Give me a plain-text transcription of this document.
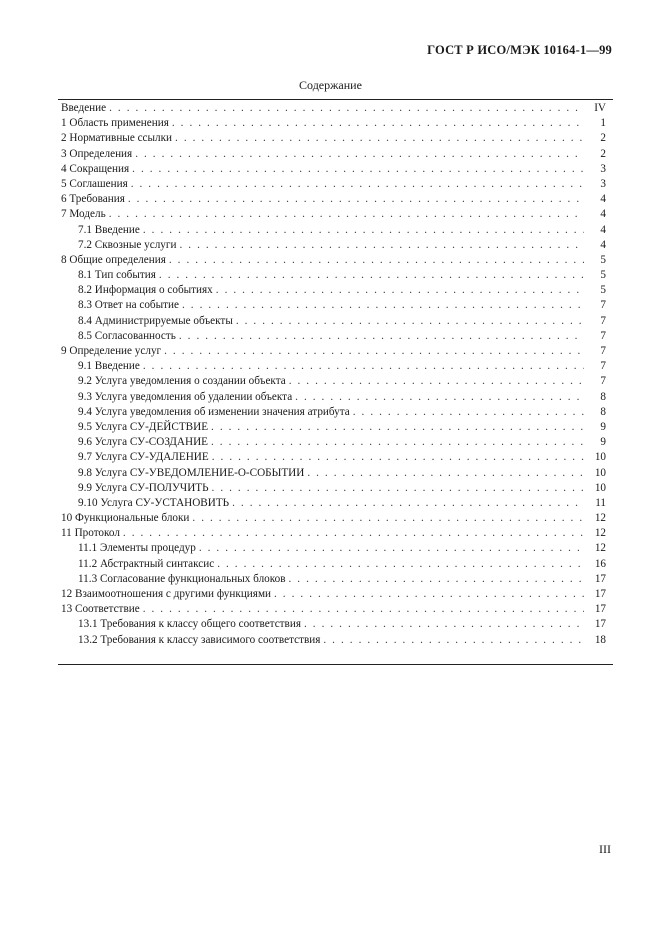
ГОСТ Р ИСО/МЭК 10164-1—99
Содержание
Введение . . .	IV
1 Область применения . . .	1
2 Нормативные ссылки . . .	2
3 Определения . . .	2
4 Сокращения . . .	3
5 Соглашения . . .	3
6 Требования . . .	4
7 Модель . . .	4
7.1 Введение . . .	4
7.2 Сквозные услуги . . .	4
8 Общие определения . . .	5
8.1 Тип события . . .	5
8.2 Информация о событиях . . .	5
8.3 Ответ на событие . . .	7
8.4 Администрируемые объекты . . .	7
8.5 Согласованность . . .	7
9 Определение услуг . . .	7
9.1 Введение . . .	7
9.2 Услуга уведомления о создании объекта . . .	7
9.3 Услуга уведомления об удалении объекта . . .	8
9.4 Услуга уведомления об изменении значения атрибута . . .	8
9.5 Услуга СУ-ДЕЙСТВИЕ . . .	9
9.6 Услуга СУ-СОЗДАНИЕ . . .	9
9.7 Услуга СУ-УДАЛЕНИЕ . . .	10
9.8 Услуга СУ-УВЕДОМЛЕНИЕ-О-СОБЫТИИ . . .	10
9.9 Услуга СУ-ПОЛУЧИТЬ . . .	10
9.10 Услуга СУ-УСТАНОВИТЬ . . .	11
10 Функциональные блоки . . .	12
11 Протокол . . .	12
11.1 Элементы процедур . . .	12
11.2 Абстрактный синтаксис . . .	16
11.3 Согласование функциональных блоков . . .	17
12 Взаимоотношения с другими функциями . . .	17
13 Соответствие . . .	17
13.1 Требования к классу общего соответствия . . .	17
13.2 Требования к классу зависимого соответствия . . .	18
III
